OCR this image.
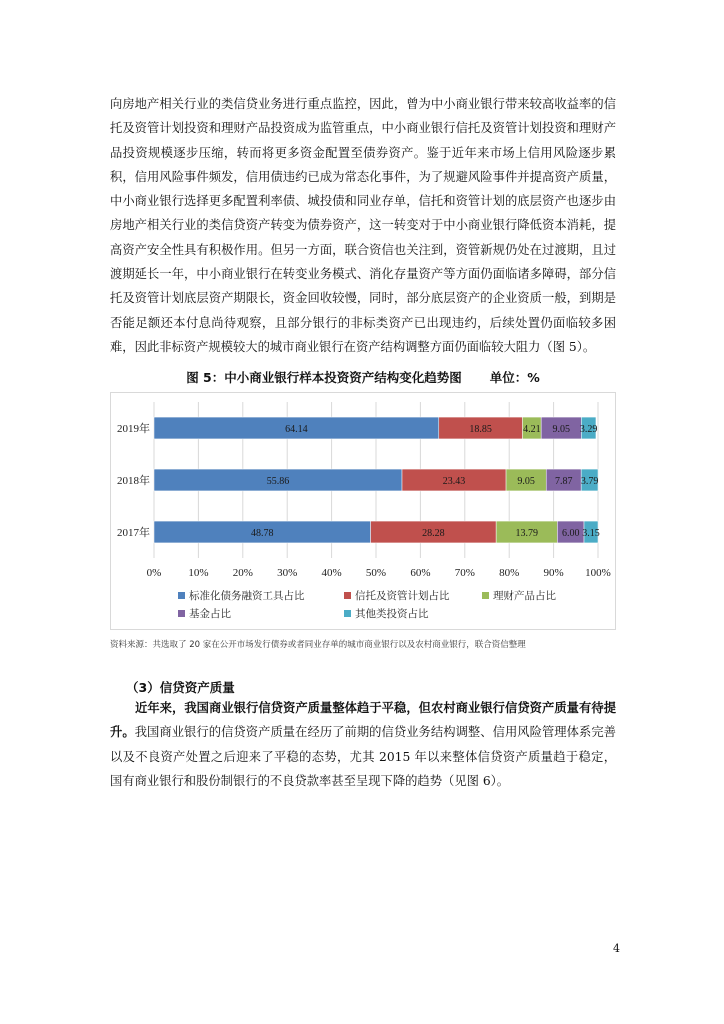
向房地产相关行业的类信贷业务进行重点监控，因此，曾为中小商业银行带来较高收益率的信托及资管计划投资和理财产品投资成为监管重点，中小商业银行信托及资管计划投资和理财产品投资规模逐步压缩，转而将更多资金配置至债券资产。鉴于近年来市场上信用风险逐步累积，信用风险事件频发，信用债违约已成为常态化事件，为了规避风险事件并提高资产质量，中小商业银行选择更多配置利率债、城投债和同业存单，信托和资管计划的底层资产也逐步由房地产相关行业的类信贷资产转变为债券资产，这一转变对于中小商业银行降低资本消耗，提高资产安全性具有积极作用。但另一方面，联合资信也关注到，资管新规仍处在过渡期，且过渡期延长一年，中小商业银行在转变业务模式、消化存量资产等方面仍面临诸多障碍，部分信托及资管计划底层资产期限长，资金回收较慢，同时，部分底层资产的企业资质一般，到期是否能足额还本付息尚待观察，且部分银行的非标类资产已出现违约，后续处置仍面临较多困难，因此非标资产规模较大的城市商业银行在资产结构调整方面仍面临较大阻力（图 5）。

图 5：中小商业银行样本投资资产结构变化趋势图 单位：%
0% 10% 20% 30% 40% 50% 60% 70% 80% 90% 100%
2019年	64.14	18.85	4.21 9.05 3.29
2018年	55.86	23.43	9.05 7.87 3.79
2017年	48.78	28.28	13.79 6.00 3.15
标准化债务融资工具占比	信托及资管计划占比	理财产品占比
基金占比	其他类投资占比
资料来源：共选取了 20 家在公开市场发行债券或者同业存单的城市商业银行以及农村商业银行，联合资信整理
（3）信贷资产质量

近年来，我国商业银行信贷资产质量整体趋于平稳，但农村商业银行信贷资产质量有待提升。我国商业银行的信贷资产质量在经历了前期的信贷业务结构调整、信用风险管理体系完善以及不良资产处置之后迎来了平稳的态势，尤其 2015 年以来整体信贷资产质量趋于稳定，国有商业银行和股份制银行的不良贷款率甚至呈现下降的趋势（见图 6）。

4
